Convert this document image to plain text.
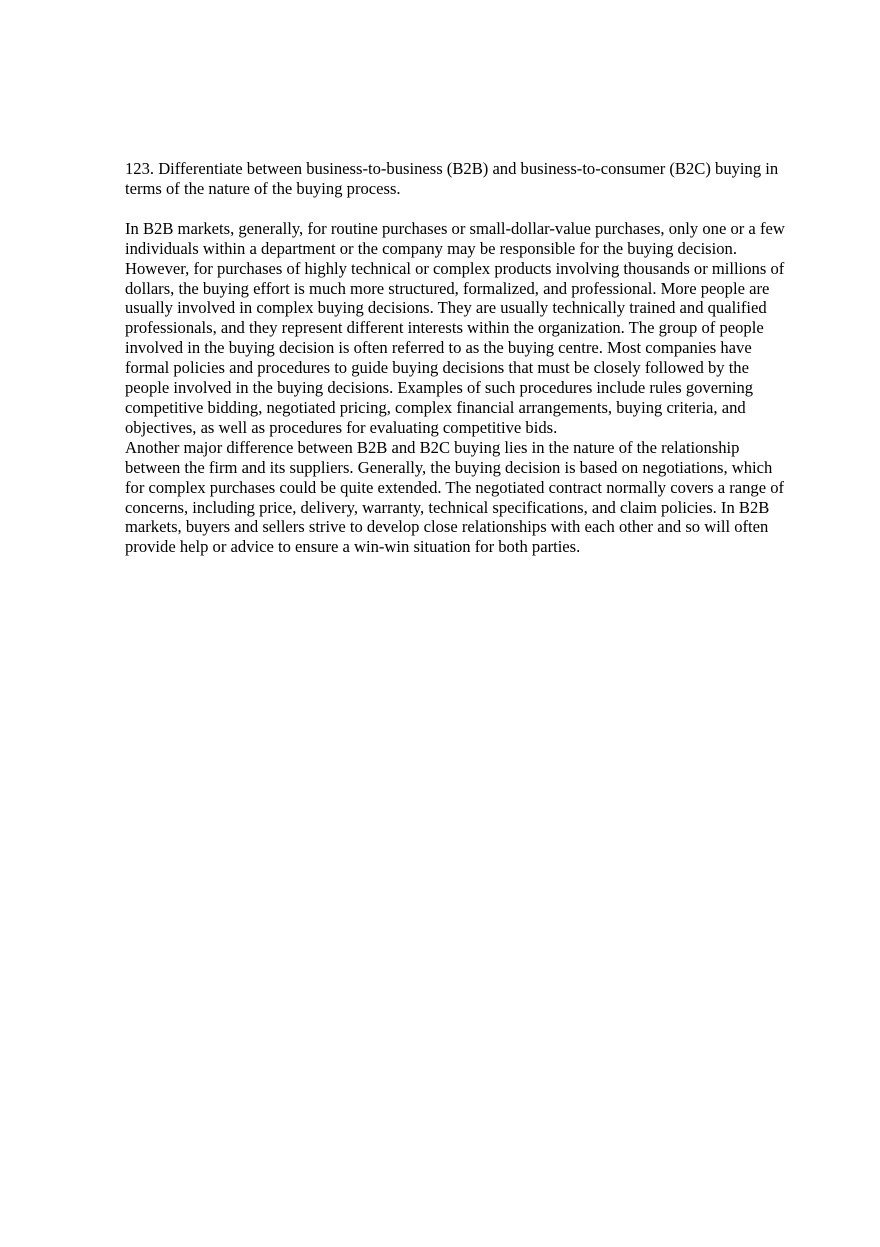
123. Differentiate between business-to-business (B2B) and business-to-consumer (B2C) buying in terms of the nature of the buying process.

In B2B markets, generally, for routine purchases or small-dollar-value purchases, only one or a few individuals within a department or the company may be responsible for the buying decision. However, for purchases of highly technical or complex products involving thousands or millions of dollars, the buying effort is much more structured, formalized, and professional. More people are usually involved in complex buying decisions. They are usually technically trained and qualified professionals, and they represent different interests within the organization. The group of people involved in the buying decision is often referred to as the buying centre. Most companies have formal policies and procedures to guide buying decisions that must be closely followed by the people involved in the buying decisions. Examples of such procedures include rules governing competitive bidding, negotiated pricing, complex financial arrangements, buying criteria, and objectives, as well as procedures for evaluating competitive bids.

Another major difference between B2B and B2C buying lies in the nature of the relationship between the firm and its suppliers. Generally, the buying decision is based on negotiations, which for complex purchases could be quite extended. The negotiated contract normally covers a range of concerns, including price, delivery, warranty, technical specifications, and claim policies. In B2B markets, buyers and sellers strive to develop close relationships with each other and so will often provide help or advice to ensure a win-win situation for both parties.
